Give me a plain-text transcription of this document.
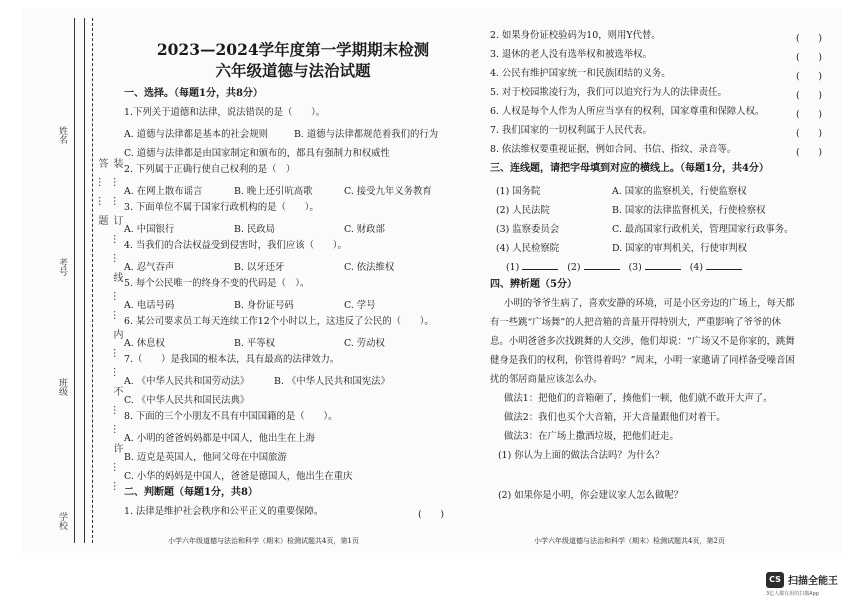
装……订……线……内……不……许……答……题
姓名
考号
班级
学校
2023—2024学年度第一学期期末检测
六年级道德与法治试题
一、选择。（每题1分，共8分）
1.下列关于道德和法律，说法错误的是（　　）。
A. 道德与法律都是基本的社会规则	B. 道德与法律都规范着我们的行为
C. 道德与法律都是由国家制定和颁布的，都具有强制力和权威性
2. 下列属于正确行使自己权利的是（　）
A. 在网上散布谣言	B. 晚上还引吭高歌	C. 接受九年义务教育
3. 下面单位不属于国家行政机构的是（　　）。
A. 中国银行	B. 民政局	C. 财政部
4. 当我们的合法权益受到侵害时，我们应该（　　）。
A. 忍气吞声	B. 以牙还牙	C. 依法维权
5. 每个公民唯一的终身不变的代码是（　）。
A. 电话号码	B. 身份证号码	C. 学号
6. 某公司要求员工每天连续工作12个小时以上，这违反了公民的（　　）。
A. 休息权	B. 平等权	C. 劳动权
7.（　　）是我国的根本法，具有最高的法律效力。
A. 《中华人民共和国劳动法》	B. 《中华人民共和国宪法》
C. 《中华人民共和国民法典》
8. 下面的三个小朋友不具有中国国籍的是（　　）。
A. 小明的爸爸妈妈都是中国人，他出生在上海
B. 迈克是英国人，他同父母在中国旅游
C. 小华的妈妈是中国人，爸爸是德国人，他出生在重庆
二、判断题（每题1分，共8）
1. 法律是维护社会秩序和公平正义的重要保障。	(　　)
小学六年级道德与法治和科学（期末）检测试题共4页，第1页
2. 如果身份证校验码为10，则用Y代替。	(　　)
3. 退休的老人没有选举权和被选举权。	(　　)
4. 公民有维护国家统一和民族团结的义务。	(　　)
5. 对于校园欺凌行为，我们可以追究行为人的法律责任。	(　　)
6. 人权是每个人作为人所应当享有的权利，国家尊重和保障人权。	(　　)
7. 我们国家的一切权利属于人民代表。	(　　)
8. 依法维权要重视证据，例如合同、书信、指纹、录音等。	(　　)
三、连线题，请把字母填到对应的横线上。（每题1分，共4分）
(1) 国务院	A. 国家的监察机关，行使监察权
(2) 人民法院	B. 国家的法律监督机关，行使检察权
(3) 监察委员会	C. 最高国家行政机关，管理国家行政事务。
(4) 人民检察院	D. 国家的审判机关，行使审判权
(1)	(2)	(3)	(4)
四、辨析题（5分）
小明的爷爷生病了，喜欢安静的环境，可是小区旁边的广场上，每天都
有一些跳“广场舞”的人把音箱的音量开得特别大，严重影响了爷爷的休
息。小明爸爸多次找跳舞的人交涉，他们却说：“广场又不是你家的，跳舞
健身是我们的权利，你管得着吗？”周末，小明一家邀请了同样备受噪音困
扰的邻居商量应该怎么办。
做法1：把他们的音箱砸了，揍他们一顿，他们就不敢开大声了。
做法2：我们也买个大音箱，开大音量跟他们对着干。
做法3：在广场上撒酒垃圾，把他们赶走。
(1) 你认为上面的做法合法吗？为什么？
(2) 如果你是小明，你会建议家人怎么做呢？
小学六年级道德与法治和科学（期末）检测试题共4页，第2页
CS 扫描全能王
3亿人都在用的扫描App
